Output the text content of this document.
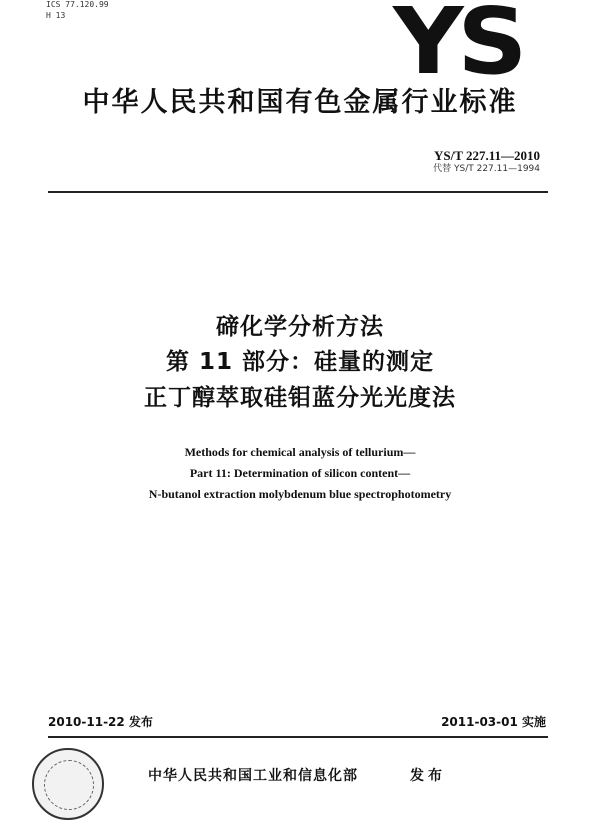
ICS 77.120.99
H 13	YS
中华人民共和国有色金属行业标准
YS/T 227.11—2010
代替 YS/T 227.11—1994
碲化学分析方法
第 11 部分：硅量的测定
正丁醇萃取硅钼蓝分光光度法
Methods for chemical analysis of tellurium—
Part 11: Determination of silicon content—
N-butanol extraction molybdenum blue spectrophotometry
2010-11-22 发布	2011-03-01 实施
中华人民共和国工业和信息化部	发布
